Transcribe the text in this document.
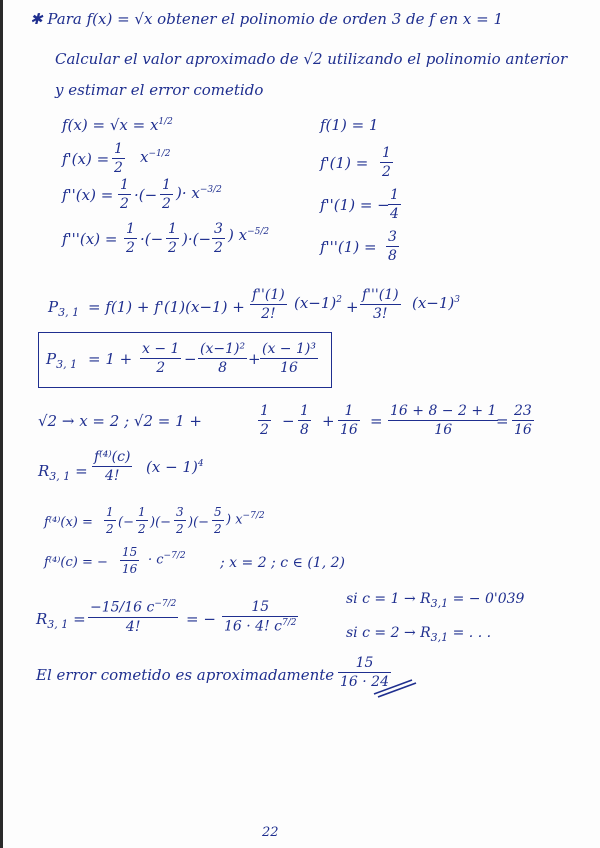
✱ Para f(x) = √x obtener el polinomio de orden 3 de f en x = 1
Calcular el valor aproximado de √2 utilizando el polinomio anterior
y estimar el error cometido
$f(x) = √x = x^{1/2}$
f'(x) =
1
2
$x^{-1/2}$
f''(x) =
1
2 ·(−
1
2
)· $x^{-3/2}$
f'''(x) =
1
2 ·(−
1
2 )·(−
3
2
) $x^{-5/2}$
f(1) = 1
f'(1) =
1
2
f''(1) = −
1
4
f'''(1) =
3
8
$P_{3, 1} = f(1) + f'(1)(x-1)$ +
f''(1)
2!
$(x-1)^2$ +
f'''(1)
3!
$(x-1)^3$
$P_{3, 1} = 1$ +
x − 1
2	−
(x−1)²
8	+
(x − 1)³
16
√2 → x = 2 ; √2 = 1 +
1
2 −
1
8 +
1
16 =
16 + 8 − 2 + 1
16	=
23
16
$R_{3, 1}$ =
f⁽⁴⁾(c)
4!	$(x - 1)^4$
f⁽⁴⁾(x) =
1
2 (−
1
2 )(−
3
2 )(−
5
2
) $x^{-7/2}$
f⁽⁴⁾(c) = −
15
16
· $c^{-7/2}$ ; x = 2 ; c ∈ (1, 2)
$R_{3, 1}$ =
−15/16 $c^{-7/2}$
4!	= −
15
16 · 4! $c^{7/2}$
si $c = 1 \to R_{3,1}$ = − 0'039
si $c = 2 \to R_{3,1}$ = . . .
El error cometido es aproximadamente
15
16 · 24
22
